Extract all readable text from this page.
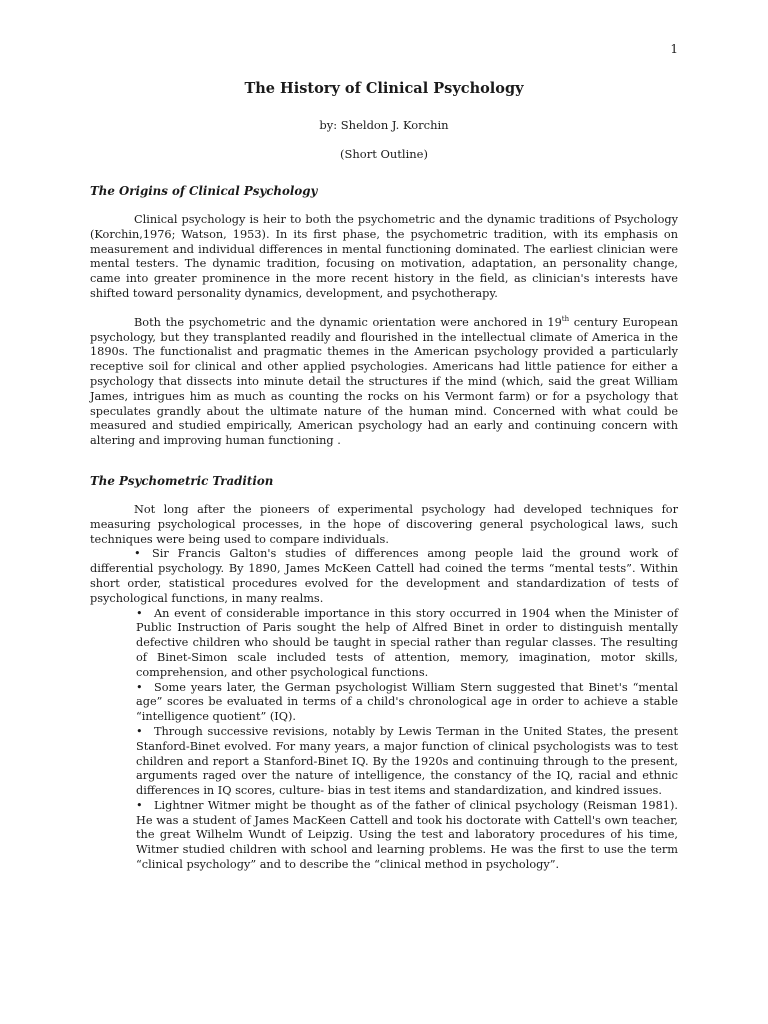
1
The History of Clinical Psychology

by: Sheldon J. Korchin

(Short Outline)

The Origins of Clinical Psychology

Clinical psychology is heir to both the psychometric and the dynamic traditions of Psychology (Korchin,1976; Watson, 1953). In its first phase, the psychometric tradition, with its emphasis on measurement and individual differences in mental functioning dominated. The earliest clinician were mental testers. The dynamic tradition, focusing on motivation, adaptation, an personality change, came into greater prominence in the more recent history in the field, as clinician's interests have shifted toward personality dynamics, development, and psychotherapy.

Both the psychometric and the dynamic orientation were anchored in 19th century European psychology, but they transplanted readily and flourished in the intellectual climate of America in the 1890s. The functionalist and pragmatic themes in the American psychology provided a particularly receptive soil for clinical and other applied psychologies. Americans had little patience for either a psychology that dissects into minute detail the structures if the mind (which, said the great William James, intrigues him as much as counting the rocks on his Vermont farm) or for a psychology that speculates grandly about the ultimate nature of the human mind. Concerned with what could be measured and studied empirically, American psychology had an early and continuing concern with altering and improving human functioning .

The Psychometric Tradition

Not long after the pioneers of experimental psychology had developed techniques for measuring psychological processes, in the hope of discovering general psychological laws, such techniques were being used to compare individuals.

• Sir Francis Galton's studies of differences among people laid the ground work of differential psychology. By 1890, James McKeen Cattell had coined the terms “mental tests”. Within short order, statistical procedures evolved for the development and standardization of tests of psychological functions, in many realms.
• An event of considerable importance in this story occurred in 1904 when the Minister of Public Instruction of Paris sought the help of Alfred Binet in order to distinguish mentally defective children who should be taught in special rather than regular classes. The resulting of Binet-Simon scale included tests of attention, memory, imagination, motor skills, comprehension, and other psychological functions.
• Some years later, the German psychologist William Stern suggested that Binet's “mental age” scores be evaluated in terms of a child's chronological age in order to achieve a stable “intelligence quotient” (IQ).
• Through successive revisions, notably by Lewis Terman in the United States, the present Stanford-Binet evolved. For many years, a major function of clinical psychologists was to test children and report a Stanford-Binet IQ. By the 1920s and continuing through to the present, arguments raged over the nature of intelligence, the constancy of the IQ, racial and ethnic differences in IQ scores, culture- bias in test items and standardization, and kindred issues.
• Lightner Witmer might be thought as of the father of clinical psychology (Reisman 1981). He was a student of James MacKeen Cattell and took his doctorate with Cattell's own teacher, the great Wilhelm Wundt of Leipzig. Using the test and laboratory procedures of his time, Witmer studied children with school and learning problems. He was the first to use the term “clinical psychology” and to describe the “clinical method in psychology”.
